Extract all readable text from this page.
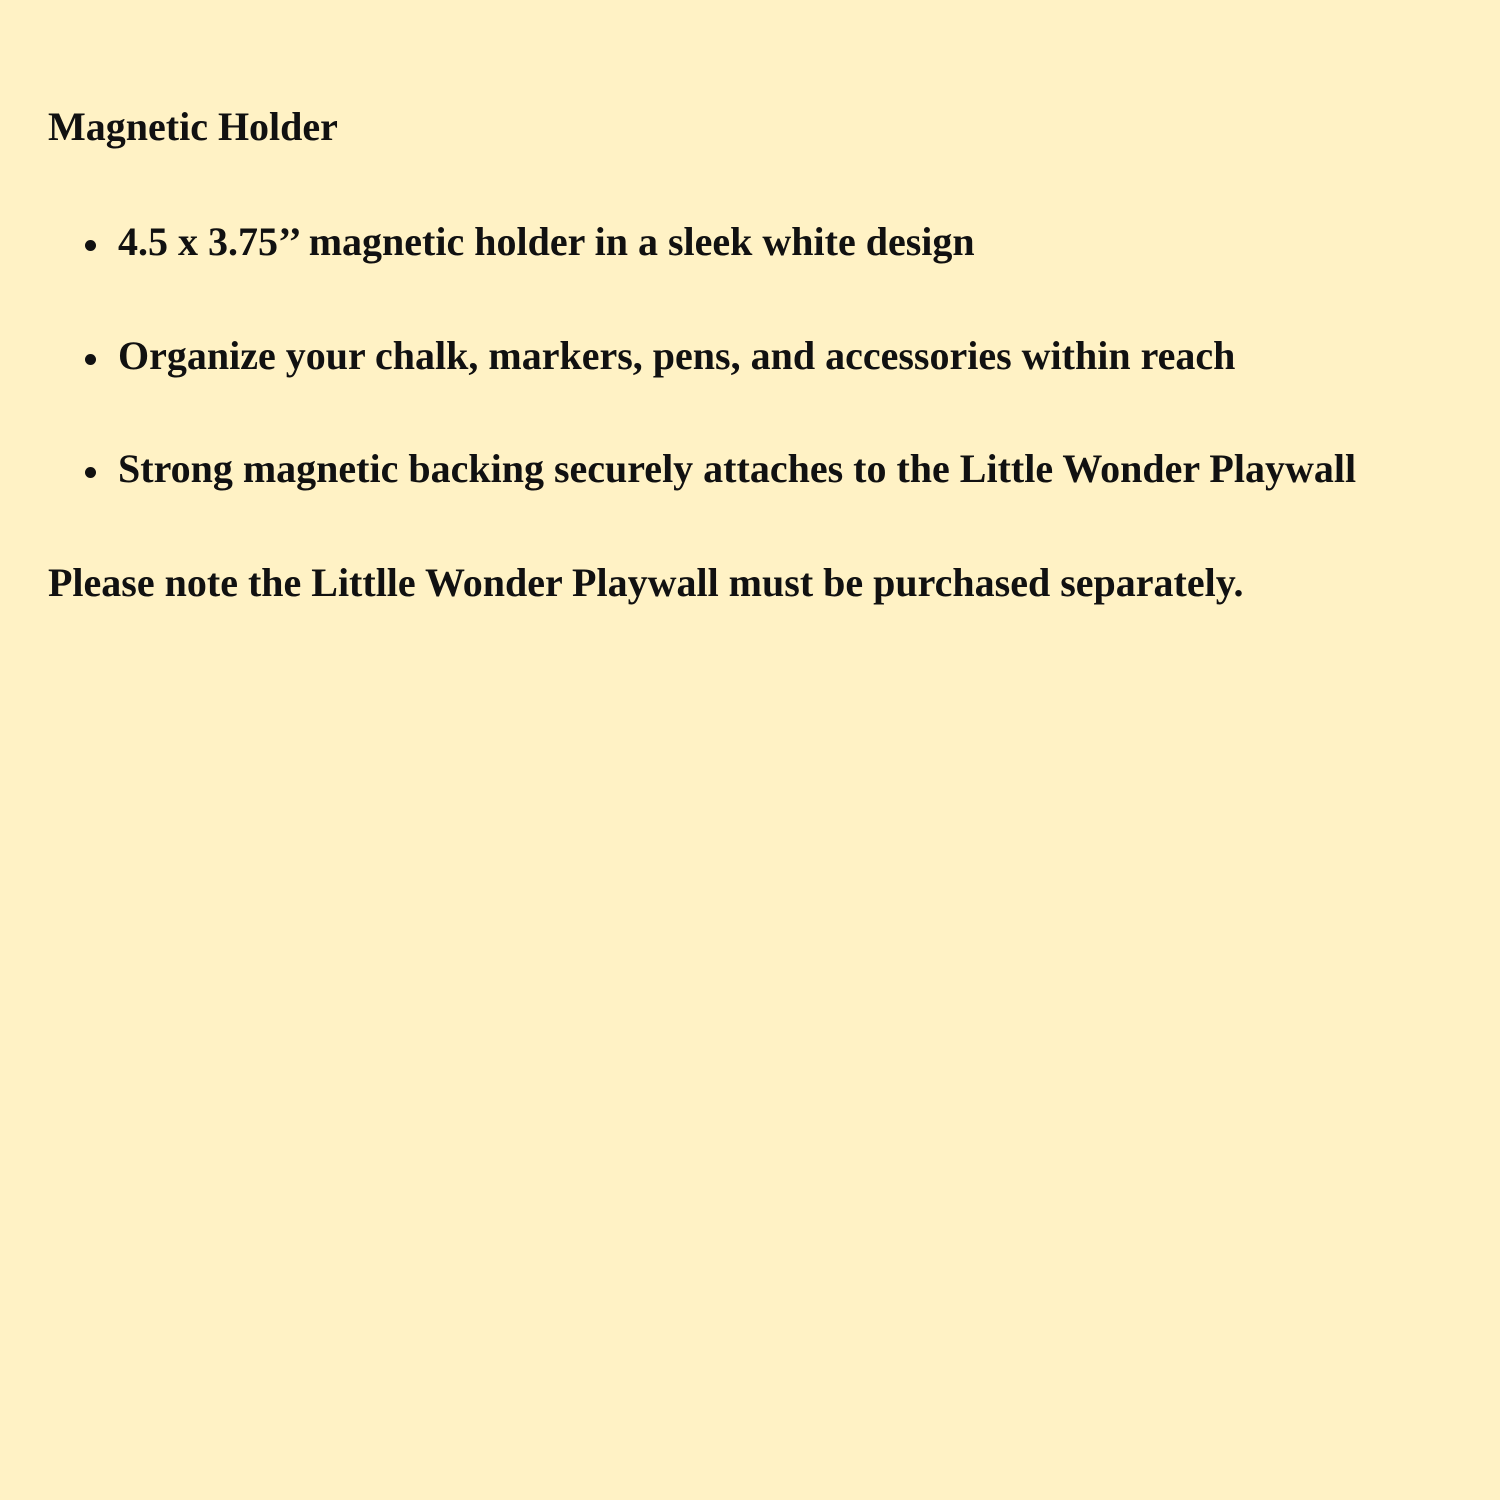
Magnetic Holder
4.5 x 3.75’’ magnetic holder in a sleek white design
Organize your chalk, markers, pens, and accessories within reach
Strong magnetic backing securely attaches to the Little Wonder Playwall
Please note the Littlle Wonder Playwall must be purchased separately.
